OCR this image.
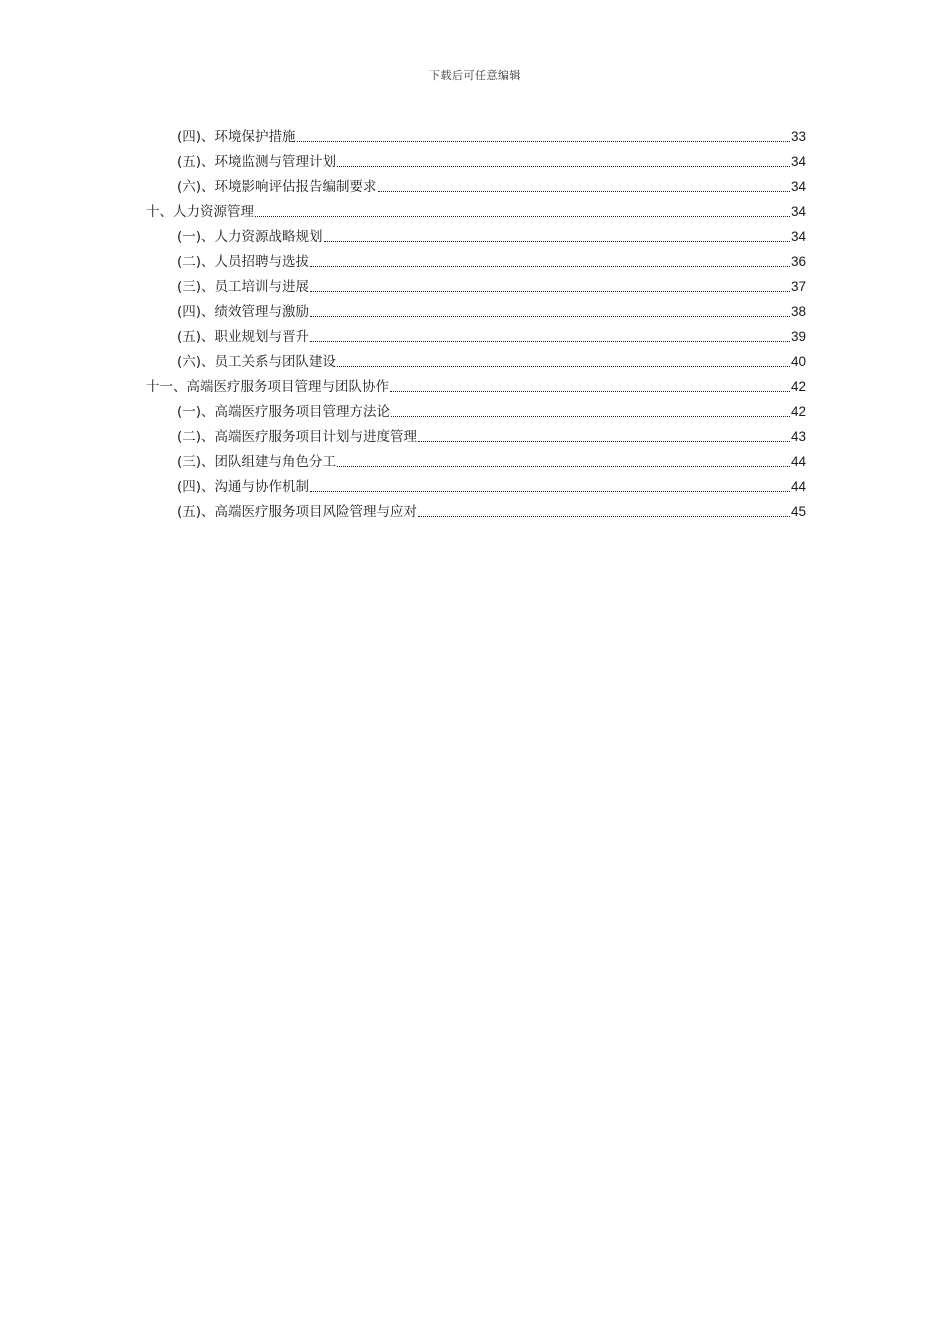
下载后可任意编辑
(四)、环境保护措施	33
(五)、环境监测与管理计划	34
(六)、环境影响评估报告编制要求	34
十、人力资源管理	34
(一)、人力资源战略规划	34
(二)、人员招聘与选拔	36
(三)、员工培训与进展	37
(四)、绩效管理与激励	38
(五)、职业规划与晋升	39
(六)、员工关系与团队建设	40
十一、高端医疗服务项目管理与团队协作	42
(一)、高端医疗服务项目管理方法论	42
(二)、高端医疗服务项目计划与进度管理	43
(三)、团队组建与角色分工	44
(四)、沟通与协作机制	44
(五)、高端医疗服务项目风险管理与应对	45
